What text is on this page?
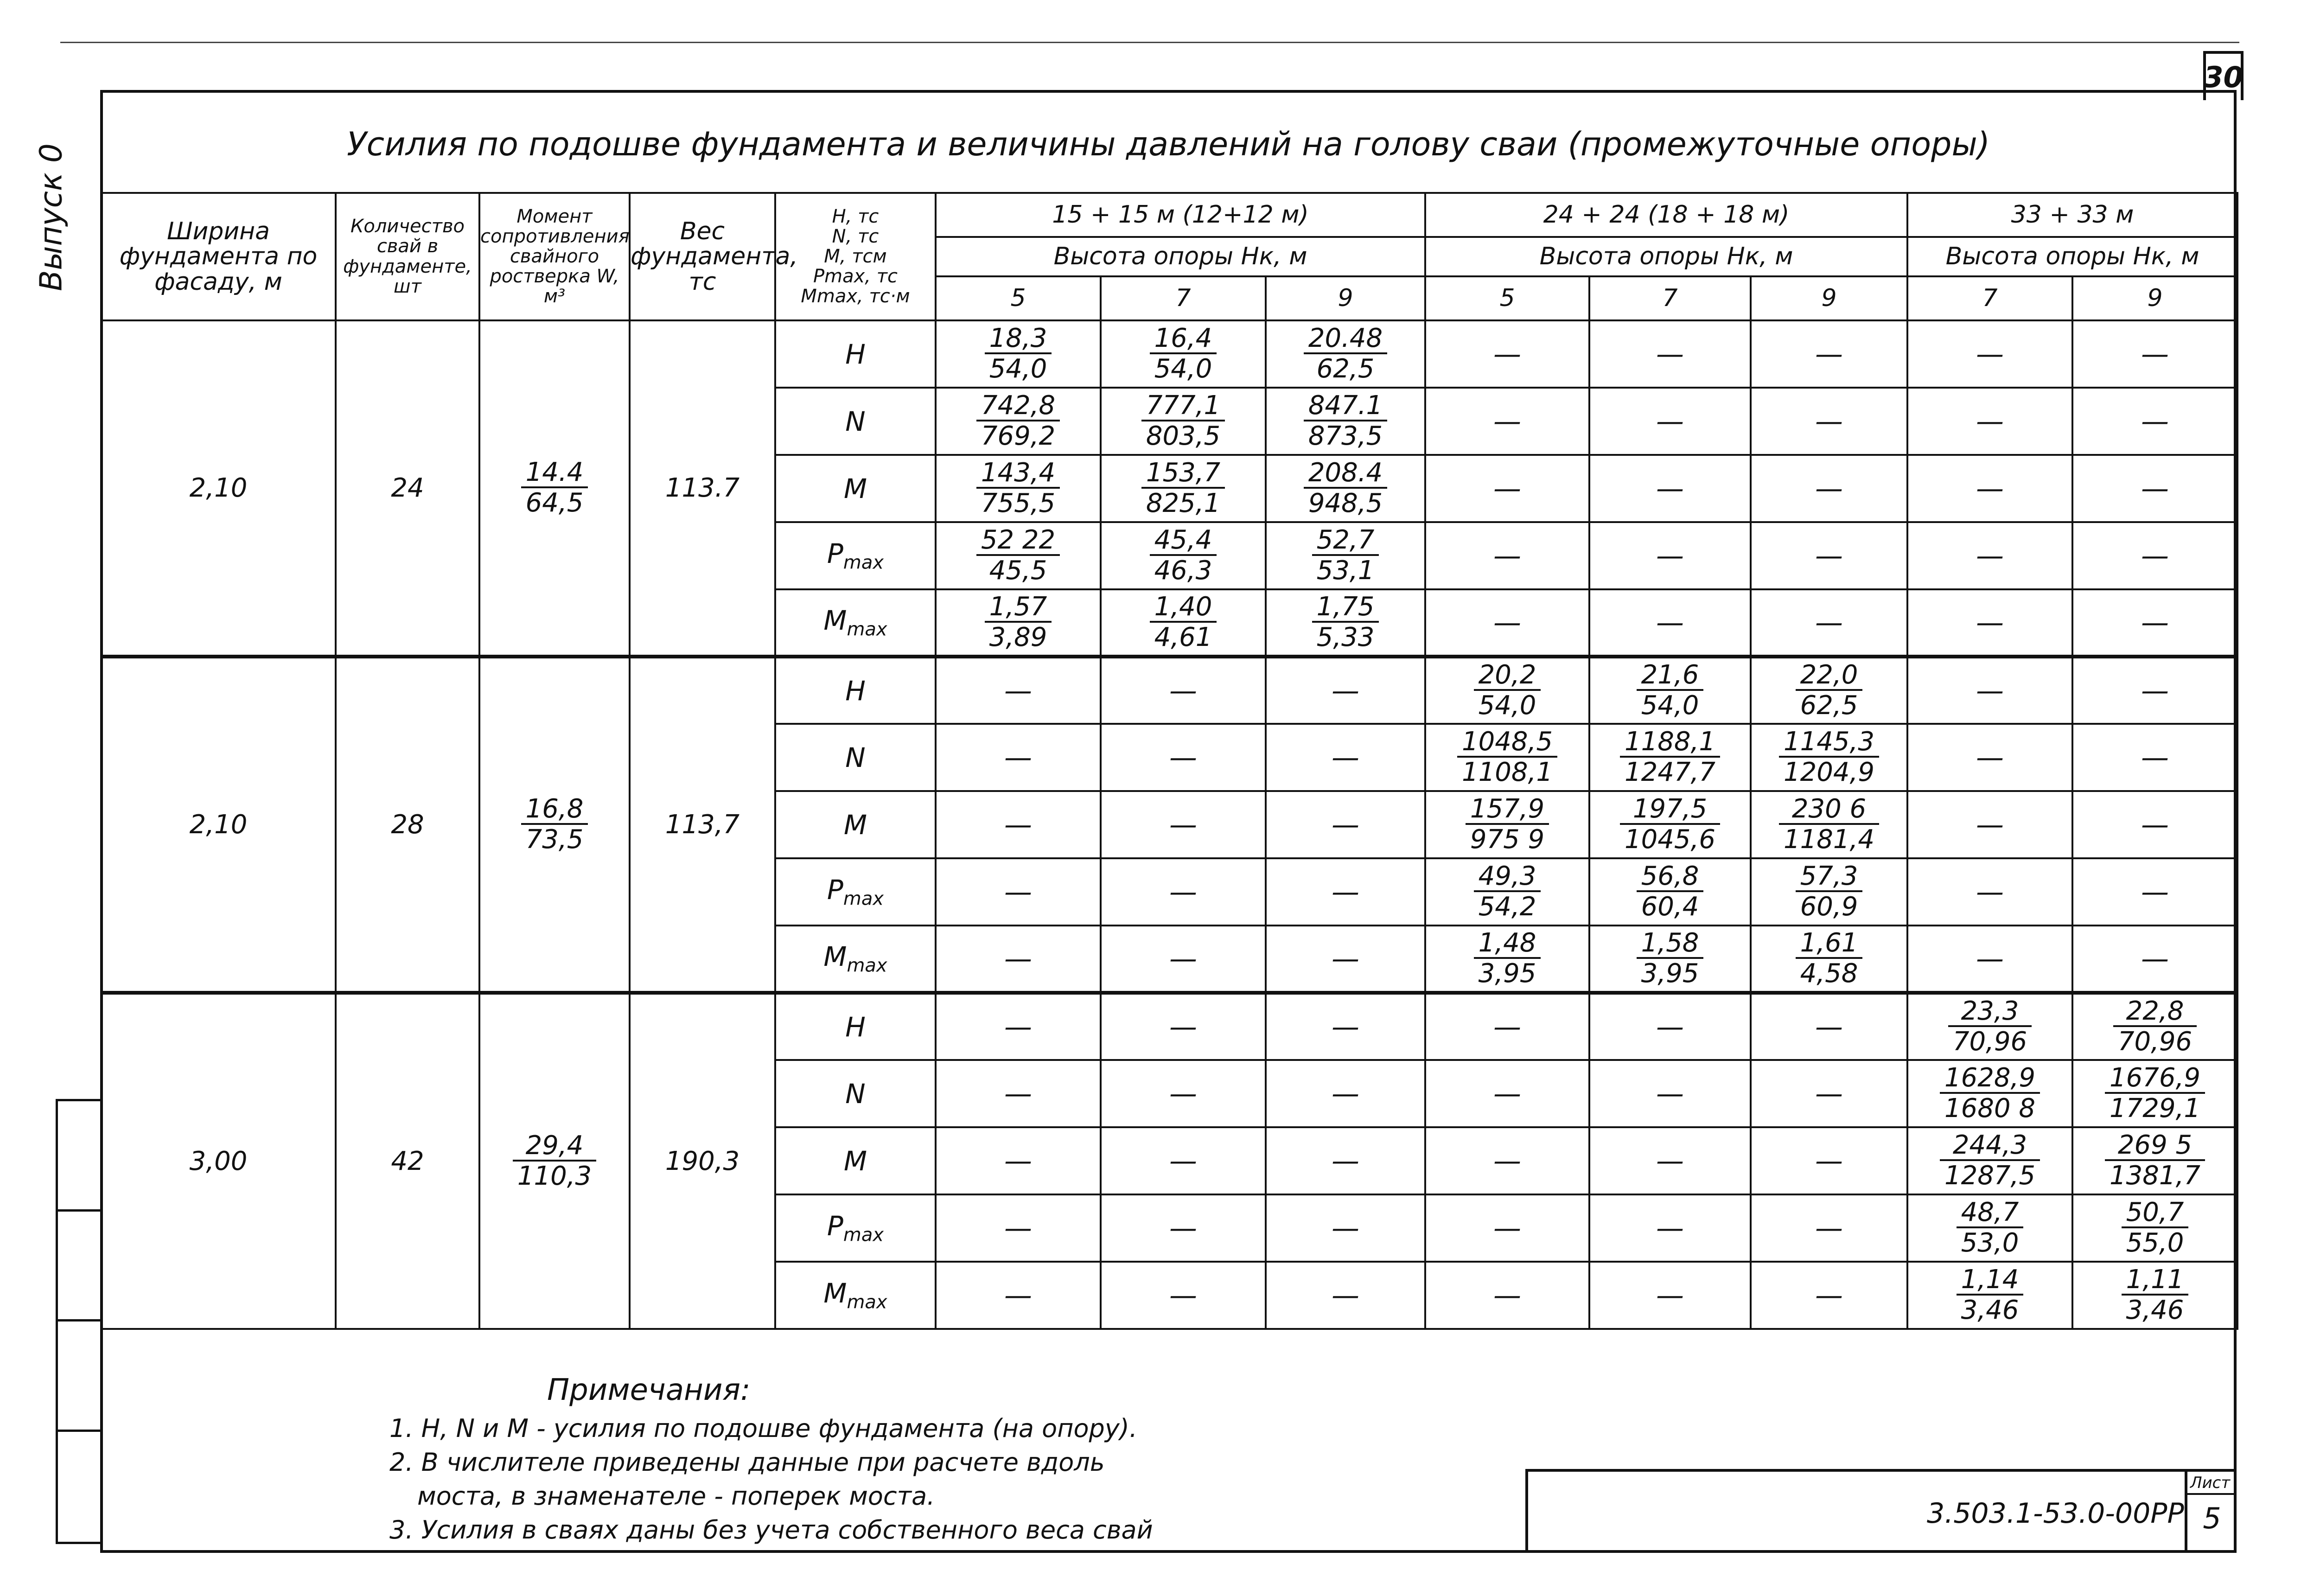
30
Выпуск 0	Усилия по подошве фундамента и величины давлений на голову сваи (промежуточные опоры)
Ширина фундамента по фасаду, м	Количество свай в фундаменте, шт	Момент сопротивления свайного ростверка W, м³	Вес фундамента, тс	H, тс
N, тс
M, тсм
Pmax, тс
Mmax, тс·м	15 + 15 м (12+12 м)			24 + 24 (18 + 18 м)			33 + 33 м	
					Высота опоры Нк, м			Высота опоры Нк, м			Высота опоры Нк, м	
					5	7	9	5	7	9	7	9
2,10	24	$\frac{14.4}{64,5}$	113.7	H	$\frac{18,3}{54,0}$	$\frac{16,4}{54,0}$	$\frac{20.48}{62,5}$	—	—	—	—	—
				N	$\frac{742,8}{769,2}$	$\frac{777,1}{803,5}$	$\frac{847.1}{873,5}$	—	—	—	—	—
				M	$\frac{143,4}{755,5}$	$\frac{153,7}{825,1}$	$\frac{208.4}{948,5}$	—	—	—	—	—
				$P_{max}$	$\frac{52 22}{45,5}$	$\frac{45,4}{46,3}$	$\frac{52,7}{53,1}$	—	—	—	—	—
				$M_{max}$	$\frac{1,57}{3,89}$	$\frac{1,40}{4,61}$	$\frac{1,75}{5,33}$	—	—	—	—	—
2,10	28	$\frac{16,8}{73,5}$	113,7	H	—	—	—	$\frac{20,2}{54,0}$	$\frac{21,6}{54,0}$	$\frac{22,0}{62,5}$	—	—
				N	—	—	—	$\frac{1048,5}{1108,1}$	$\frac{1188,1}{1247,7}$	$\frac{1145,3}{1204,9}$	—	—
				M	—	—	—	$\frac{157,9}{975 9}$	$\frac{197,5}{1045,6}$	$\frac{230 6}{1181,4}$	—	—
				$P_{max}$	—	—	—	$\frac{49,3}{54,2}$	$\frac{56,8}{60,4}$	$\frac{57,3}{60,9}$	—	—
				$M_{max}$	—	—	—	$\frac{1,48}{3,95}$	$\frac{1,58}{3,95}$	$\frac{1,61}{4,58}$	—	—
3,00	42	$\frac{29,4}{110,3}$	190,3	H	—	—	—	—	—	—	$\frac{23,3}{70,96}$	$\frac{22,8}{70,96}$

				N	—	—	—	—	—	—	$\frac{1628,9}{1680 8}$	$\frac{1676,9}{1729,1}$

				M	—	—	—	—	—	—	$\frac{244,3}{1287,5}$	$\frac{269 5}{1381,7}$

				$P_{max}$	—	—	—	—	—	—	$\frac{48,7}{53,0}$	$\frac{50,7}{55,0}$

				$M_{max}$	—	—	—	—	—	—	$\frac{1,14}{3,46}$	$\frac{1,11}{3,46}$
Примечания:
1. H, N и M - усилия по подошве фундамента (на опору).
2. В числителе приведены данные при расчете вдоль
моста, в знаменателе - поперек моста.
3. Усилия в сваях даны без учета собственного веса свай
3.503.1-53.0-00PP
Лист
5
